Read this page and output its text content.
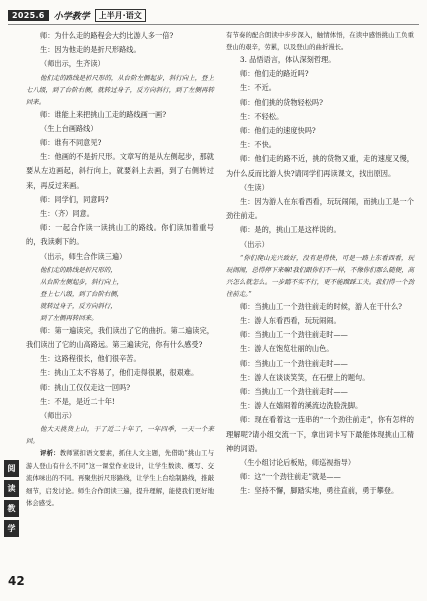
2025.6	小学教学	上半月·语文

师：为什么走的路程会大约比游人多一倍?

生：因为他走的是折尺形路线。

（师出示，生齐读）

他们走的路线是折尺形的，从台阶左侧起步，斜行向上，登上七八级，到了台阶右侧，就转过身子，反方向斜行，到了左侧再转回来。

师：谁能上来把挑山工走的路线画一画?

（生上台画路线）

师：谁有不同意见?

生：他画的不是折尺形。文章写的是从左侧起步，那就要从左边画起，斜行向上，就要斜上去画，到了右侧转过来，再反过来画。

师：同学们，同意吗?

生：（齐）同意。

师：一起合作读一读挑山工的路线。你们读加着重号的，我读剩下的。

（出示，师生合作读三遍）

他们走的路线是折尺形的，

从台阶左侧起步，斜行向上，

登上七八级，到了台阶右侧，

就转过身子，反方向斜行，

到了左侧再转回来。

师：第一遍读完，我们读出了它的曲折。第二遍读完，我们读出了它的山高路远。第三遍读完，你有什么感受?

生：这路程很长，他们很辛苦。

生：挑山工太不容易了，他们走得很累，很艰难。

师：挑山工仅仅走这一回吗?

生：不是，是近二十年!

（师出示）

他大天挑货上山，干了近二十年了，一年四季，一天一个来回。

评析：教师紧扣语文要素，抓住人文主题，先借助“挑山工与游人登山有什么不同”这一课堂作业设计，让学生数读、概写、交流体味出的不同。再聚焦折尺形路线，让学生上台绘制路线，推敲细节，启发讨论。师生合作朗读三遍，提升理解，能使我们更好地体会感受。

有节奏的配合朗读中步步深入，触情体悟，在读中感悟挑山工负重登山的艰辛，劳累，以及登山的曲折漫长。

3. 品悟语言，体认深刻哲理。

师：他们走的路近吗?

生：不近。

师：他们挑的货物轻松吗?

生：不轻松。

师：他们走的速度快吗?

生：不快。

师：他们走的路不近，挑的货物又重，走的速度又慢，为什么反而比游人快?请同学们再读课文，找出原因。

（生读）

生：因为游人在东看西看，玩玩闹闹，而挑山工是一个劲往前走。

师：是的，挑山工是这样说的。

（出示）

“你们爬山光兴致好，没有是得快，可是一路上东看西看，玩玩闹闹，总得停下来嘛!我们跟你们不一样，不像你们那么随便，高兴怎么就怎么。一步踏不实不行，更不能蹓踩工夫。我们得一个劲往前走。”

师：当挑山工一个劲往前走的时候，游人在干什么?

生：游人东看西看，玩玩闹闹。

师：当挑山工一个劲往前走时——

生：游人在饱览壮丽的山色。

师：当挑山工一个劲往前走时——

生：游人在谈谈笑笑，在石壁上的题句。

师：当挑山工一个劲往前走时——

生：游人在嬉闹着的溪流边洗脸洗脚。

师：现在看着这一连串的“一个劲往前走”，你有怎样的理解呢?请小组交流一下，拿出词卡写下最能体现挑山工精神的词语。

（生小组讨论后板贴，师巡视指导）

师：这“一个劲往前走”就是——

生：坚持不懈，脚踏实地，勇往直前，勇于攀登。

阅
读
教
学
42
